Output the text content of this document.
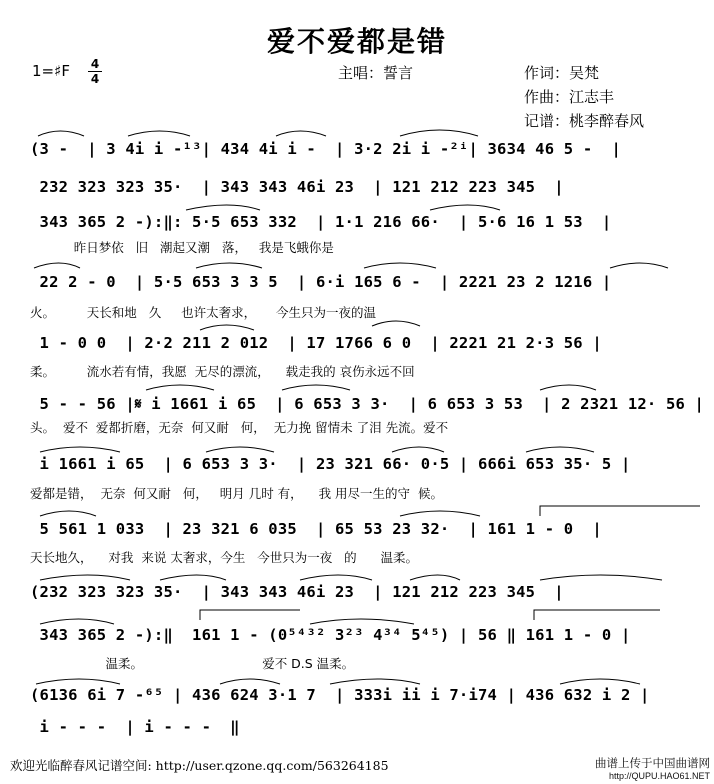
爱不爱都是错
1=♯F 4
4	主唱：誓言	作词：吴梵
作曲：江志丰
记谱：桃李醉春风
(3 -  | 3 4i i -¹³| 434 4i i -  | 3·2 2i i -²ⁱ| 3634 46 5 -  |
232 323 323 35·  | 343 343 46i 23  | 121 212 223 345  |
343 365 2 -):‖: 5·5 653 332  | 1·1 216 66·  | 5·6 16 1 53  |
昨日梦依   旧   潮起又潮   落，   我是飞蛾你是
22 2 - 0  | 5·5 653 3 3 5  | 6·i 165 6 -  | 2221 23 2 1216 |
火。        天长和地   久     也许太奢求，     今生只为一夜的温
1 - 0 0  | 2·2 211 2 012  | 17 1766 6 0  | 2221 21 2·3 56 |
柔。        流水若有情，我愿  无尽的漂流，    载走我的 哀伤永远不回
5 - - 56 |𝄋 i 1661 i 65  | 6 653 3 3·  | 6 653 3 53  | 2 2321 12· 56 |
头。  爱不  爱都折磨，无奈  何又耐   何，  无力挽 留情未 了泪 先流。爱不
i 1661 i 65  | 6 653 3 3·  | 23 321 66· 0·5 | 666i 653 35· 5 |
爱都是错，  无奈  何又耐   何，   明月 几时 有，    我 用尽一生的守  候。
5 561 1 033  | 23 321 6 035  | 65 53 23 32·  | 161 1 - 0  |
天长地久，    对我  来说 太奢求，今生   今世只为一夜   的      温柔。
(232 323 323 35·  | 343 343 46i 23  | 121 212 223 345  |
343 365 2 -):‖  161 1 - (0⁵⁴³² 3²³ 4³⁴ 5⁴⁵) | 56 ‖ 161 1 - 0 |
温柔。                              爱不 D.S 温柔。
(6136 6i 7 -⁶⁵ | 436 624 3·1 7  | 333i ii i 7·i74 | 436 632 i 2 |
i - - -  | i - - -  ‖
欢迎光临醉春风记谱空间: http://user.qzone.qq.com/563264185	曲谱上传于中国曲谱网
http://QUPU.HAO61.NET
